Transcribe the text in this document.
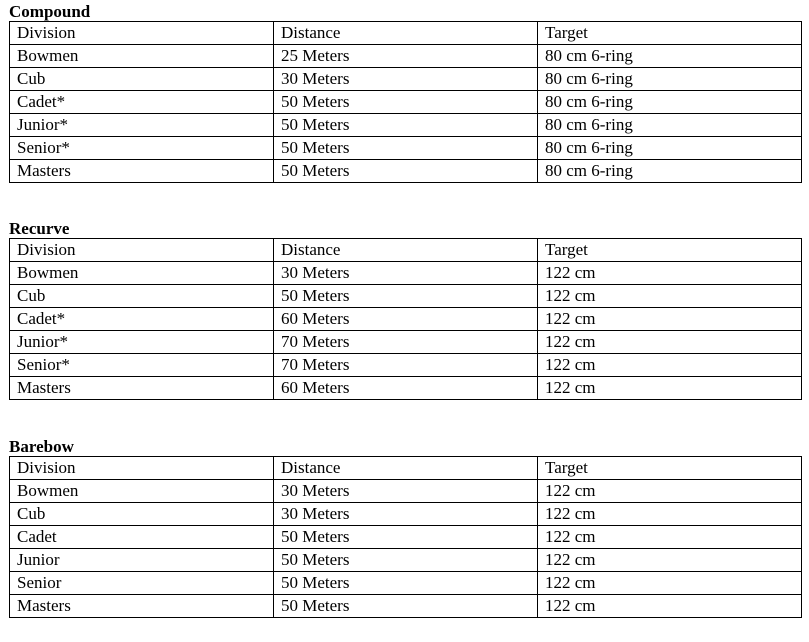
Compound
Division	Distance	Target
Bowmen	25 Meters	80 cm 6-ring
Cub	30 Meters	80 cm 6-ring
Cadet*	50 Meters	80 cm 6-ring
Junior*	50 Meters	80 cm 6-ring
Senior*	50 Meters	80 cm 6-ring
Masters	50 Meters	80 cm 6-ring
Recurve
Division	Distance	Target
Bowmen	30 Meters	122 cm
Cub	50 Meters	122 cm
Cadet*	60 Meters	122 cm
Junior*	70 Meters	122 cm
Senior*	70 Meters	122 cm
Masters	60 Meters	122 cm
Barebow
Division	Distance	Target
Bowmen	30 Meters	122 cm
Cub	30 Meters	122 cm
Cadet	50 Meters	122 cm
Junior	50 Meters	122 cm
Senior	50 Meters	122 cm
Masters	50 Meters	122 cm
